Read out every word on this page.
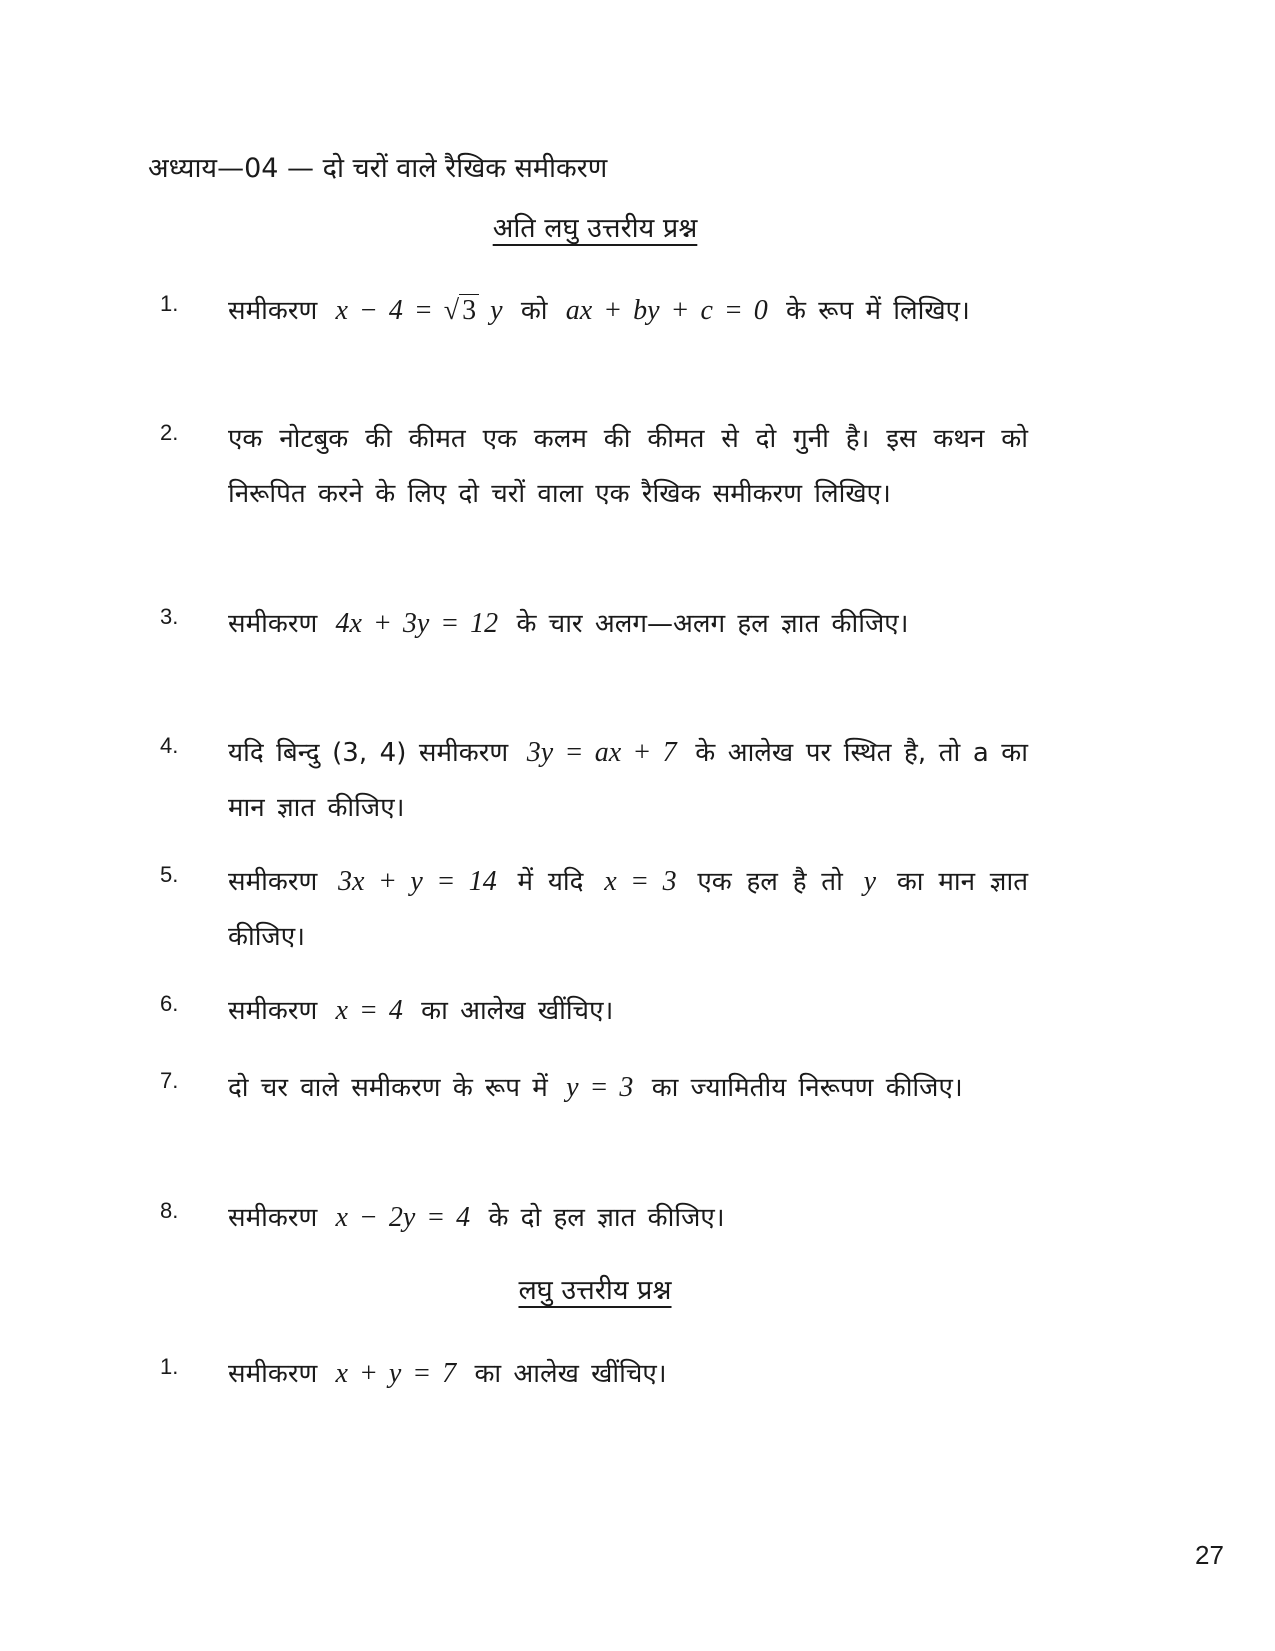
अध्याय—04 — दो चरों वाले रैखिक समीकरण
अति लघु उत्तरीय प्रश्न
1. समीकरण x − 4 = √ 3 y को ax + by + c = 0 के रूप में लिखिए।
2. एक नोटबुक की कीमत एक कलम की कीमत से दो गुनी है। इस कथन को निरूपित करने के लिए दो चरों वाला एक रैखिक समीकरण लिखिए।
3. समीकरण 4x + 3y = 12 के चार अलग—अलग हल ज्ञात कीजिए।
4. यदि बिन्दु (3, 4) समीकरण 3y = ax + 7 के आलेख पर स्थित है, तो a का मान ज्ञात कीजिए।
5. समीकरण 3x + y = 14 में यदि x = 3 एक हल है तो y का मान ज्ञात कीजिए।
6. समीकरण x = 4 का आलेख खींचिए।
7. दो चर वाले समीकरण के रूप में y = 3 का ज्यामितीय निरूपण कीजिए।
8. समीकरण x − 2y = 4 के दो हल ज्ञात कीजिए।
लघु उत्तरीय प्रश्न
1. समीकरण x + y = 7 का आलेख खींचिए।
27
